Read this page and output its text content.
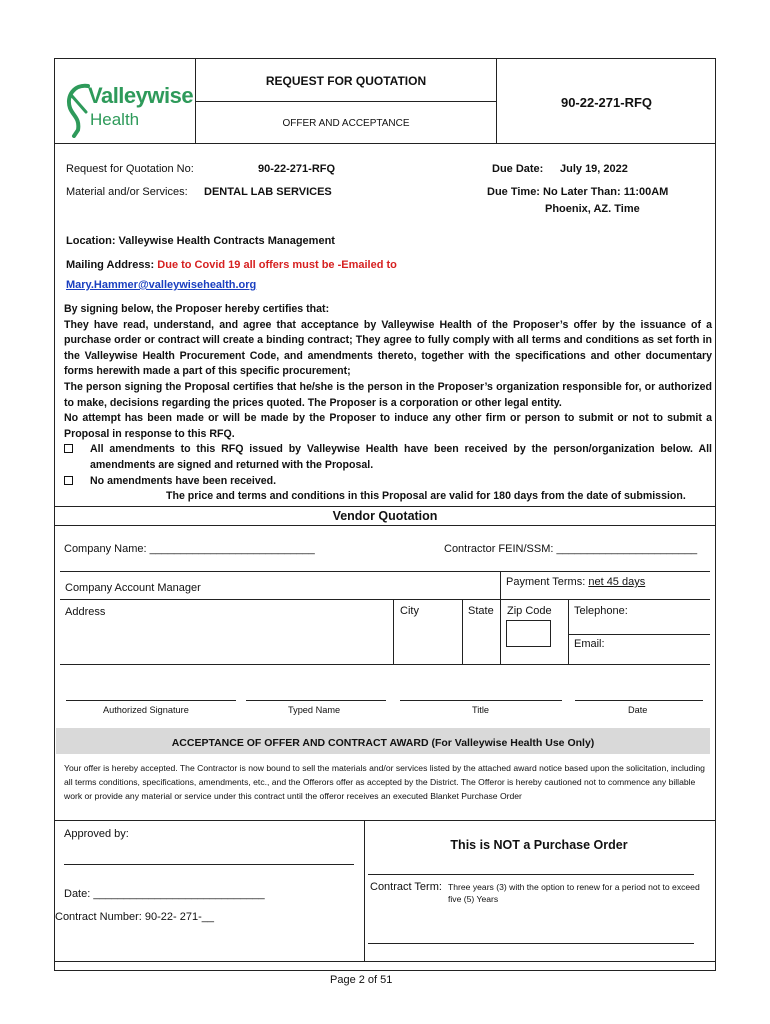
Valleywise
Health
REQUEST FOR QUOTATION
OFFER AND ACCEPTANCE
90-22-271-RFQ
Request for Quotation No:	90-22-271-RFQ
Material and/or Services: DENTAL LAB SERVICES
Due Date: July 19, 2022
Due Time: No Later Than: 11:00AM
Phoenix, AZ. Time
Location: Valleywise Health Contracts Management
Mailing Address: Due to Covid 19 all offers must be -Emailed to
Mary.Hammer@valleywisehealth.org
By signing below, the Proposer hereby certifies that:
They have read, understand, and agree that acceptance by Valleywise Health of the Proposer’s offer by the issuance of a purchase order or contract will create a binding contract; They agree to fully comply with all terms and conditions as set forth in the Valleywise Health Procurement Code, and amendments thereto, together with the specifications and other documentary forms herewith made a part of this specific procurement;
The person signing the Proposal certifies that he/she is the person in the Proposer’s organization responsible for, or authorized to make, decisions regarding the prices quoted. The Proposer is a corporation or other legal entity.
No attempt has been made or will be made by the Proposer to induce any other firm or person to submit or not to submit a Proposal in response to this RFQ.
All amendments to this RFQ issued by Valleywise Health have been received by the person/organization below. All amendments are signed and returned with the Proposal.
No amendments have been received.
The price and terms and conditions in this Proposal are valid for 180 days from the date of submission.
Vendor Quotation
Company Name: ___________________________	Contractor FEIN/SSM: _______________________
Company Account Manager	Payment Terms: net 45 days
Address	City	State Zip Code Telephone:
Email:
Authorized Signature	Typed Name	Title	Date
ACCEPTANCE OF OFFER AND CONTRACT AWARD (For Valleywise Health Use Only)
Your offer is hereby accepted. The Contractor is now bound to sell the materials and/or services listed by the attached award notice based upon the solicitation, including all terms conditions, specifications, amendments, etc., and the Offerors offer as accepted by the District. The Offeror is hereby cautioned not to commence any billable work or provide any material or service under this contract until the offeror receives an executed Blanket Purchase Order
Approved by:
Date: ____________________________
Contract Number: 90-22- 271-__
This is NOT a Purchase Order
Contract Term: Three years (3) with the option to renew for a period not to exceed five (5) Years
Page 2 of 51
